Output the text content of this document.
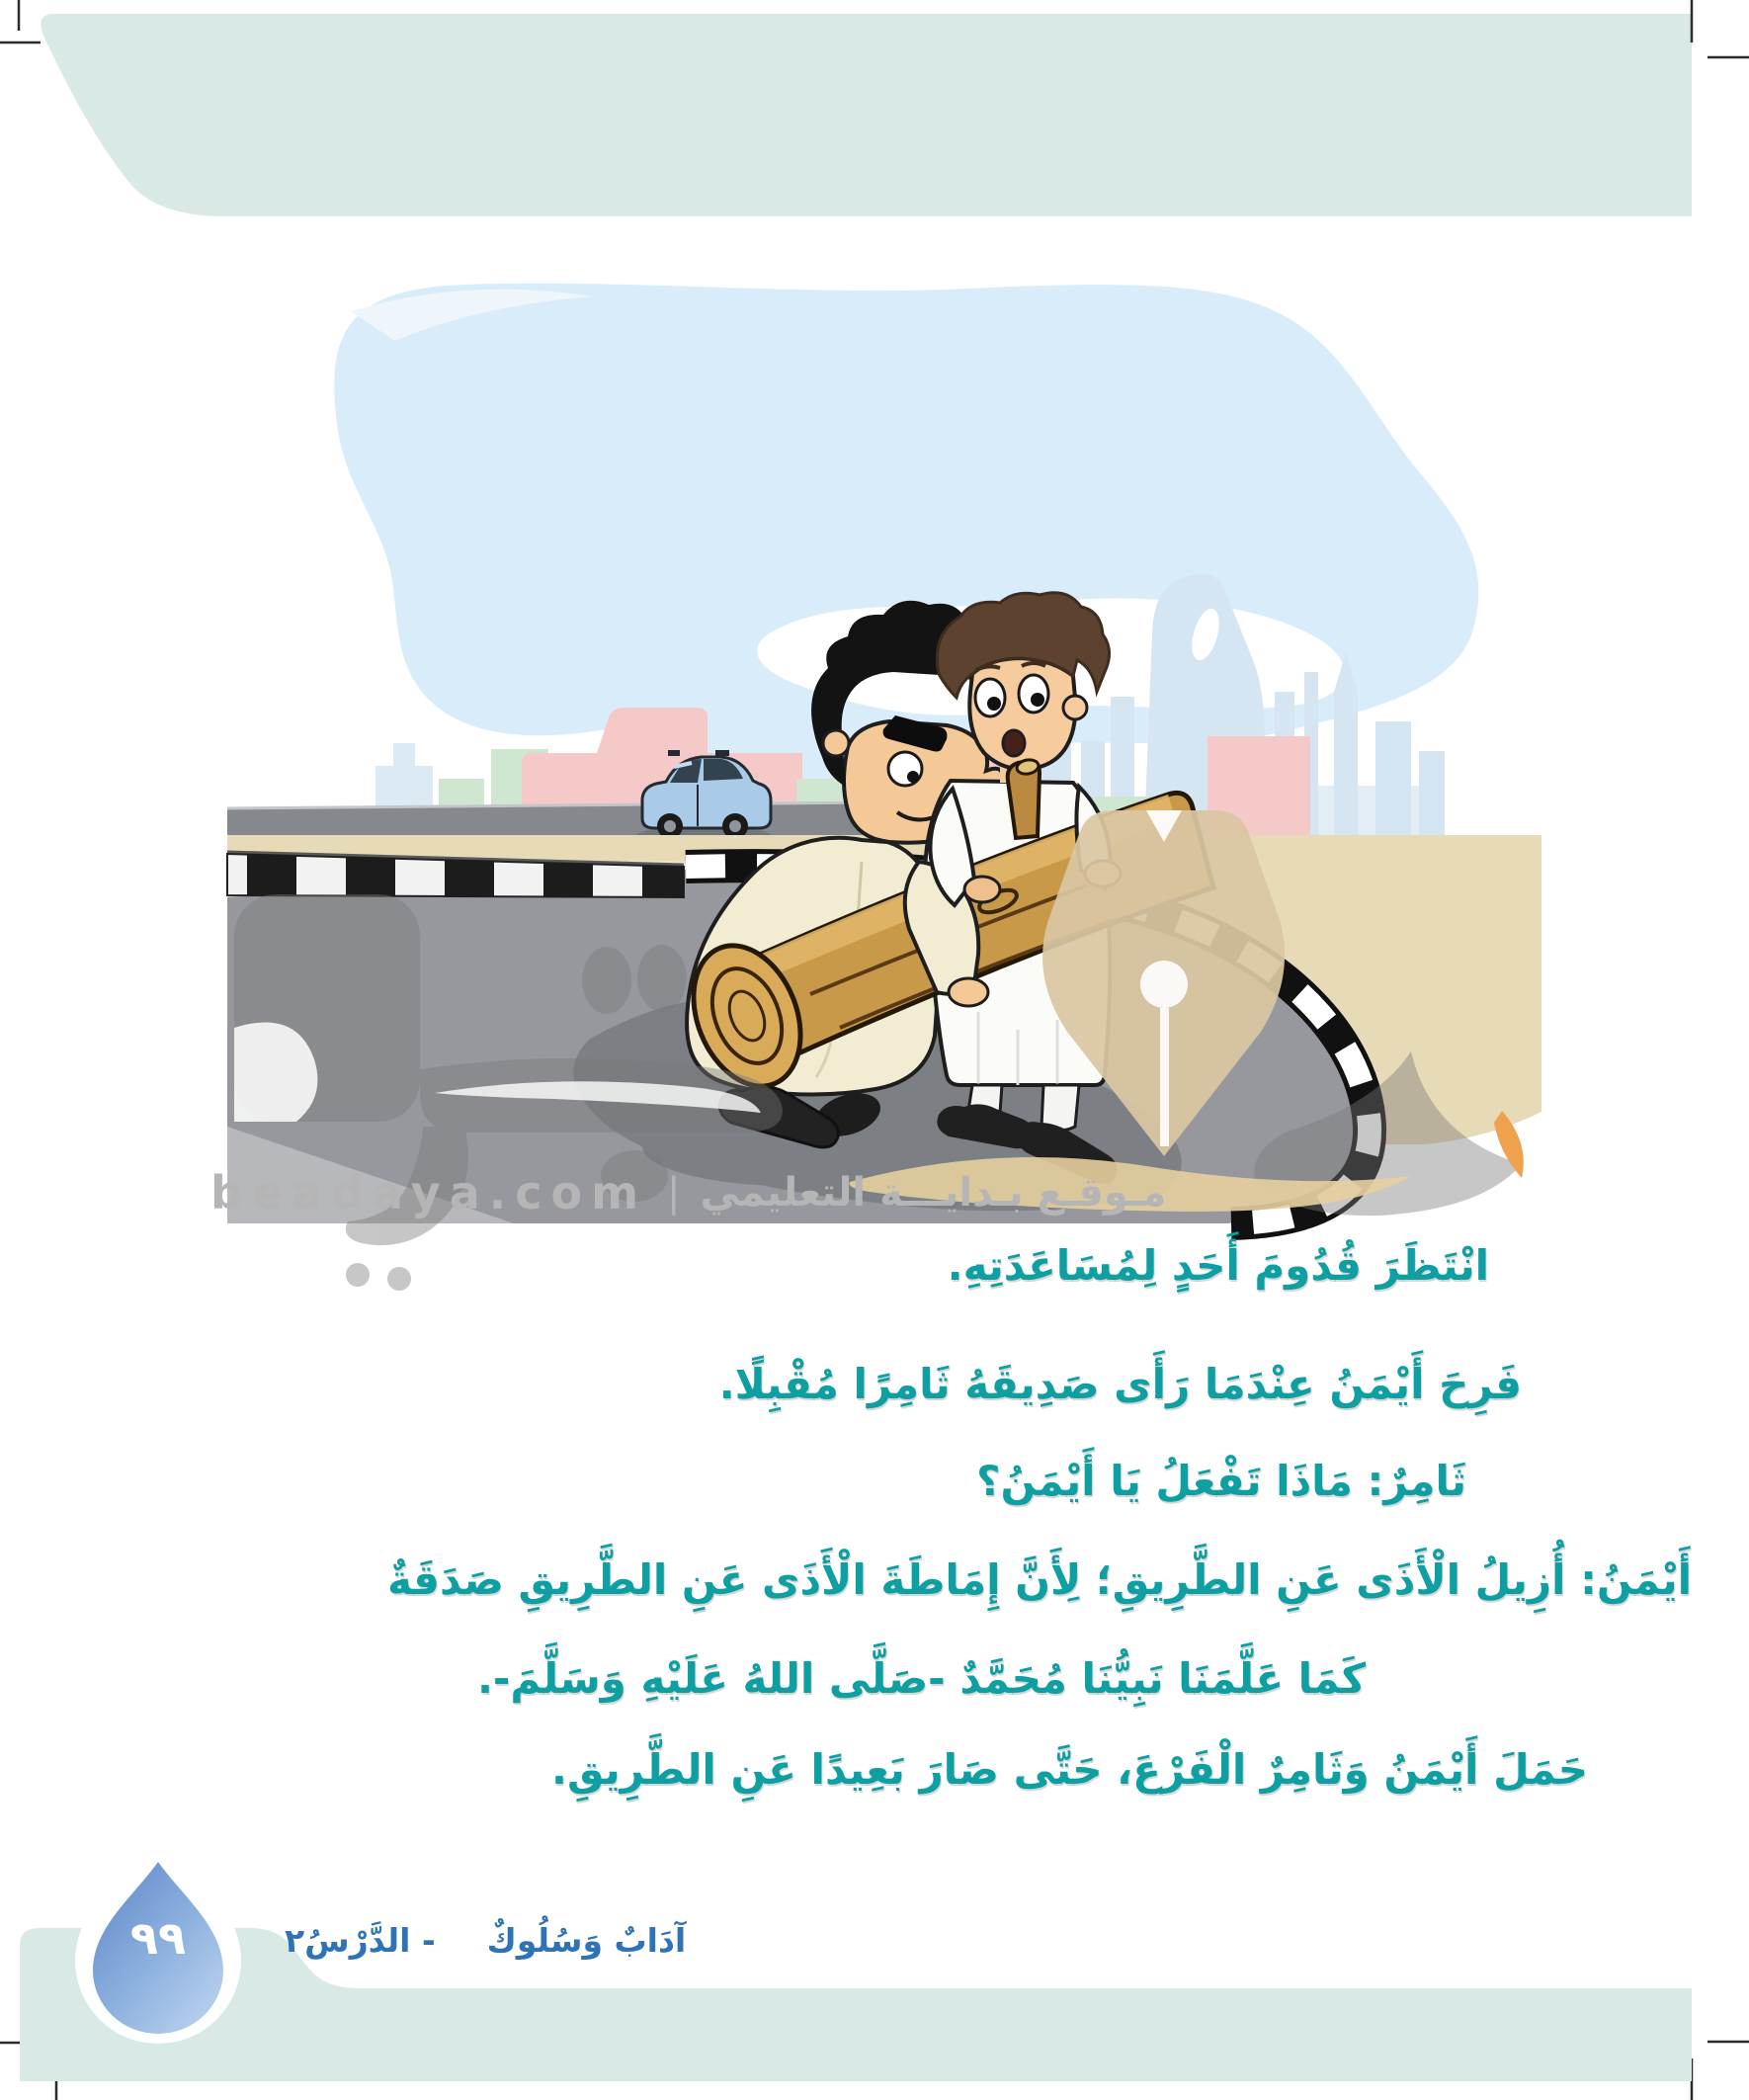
انْتَظَرَ قُدُومَ أَحَدٍ لِمُسَاعَدَتِهِ.
فَرِحَ أَيْمَنُ عِنْدَمَا رَأَى صَدِيقَهُ ثَامِرًا مُقْبِلًا.
ثَامِرٌ: مَاذَا تَفْعَلُ يَا أَيْمَنُ؟
أَيْمَنُ: أُزِيلُ الْأَذَى عَنِ الطَّرِيقِ؛ لِأَنَّ إِمَاطَةَ الْأَذَى عَنِ الطَّرِيقِ صَدَقَةٌ
كَمَا عَلَّمَنَا نَبِيُّنَا مُحَمَّدٌ -صَلَّى اللهُ عَلَيْهِ وَسَلَّمَ-.
حَمَلَ أَيْمَنُ وَثَامِرٌ الْفَرْعَ، حَتَّى صَارَ بَعِيدًا عَنِ الطَّرِيقِ.
beadaya.com | مـوقـع بـدايـــة التعليمي
آدَابٌ وَسُلُوكٌ
- الدَّرْسُ٢
٩٩
